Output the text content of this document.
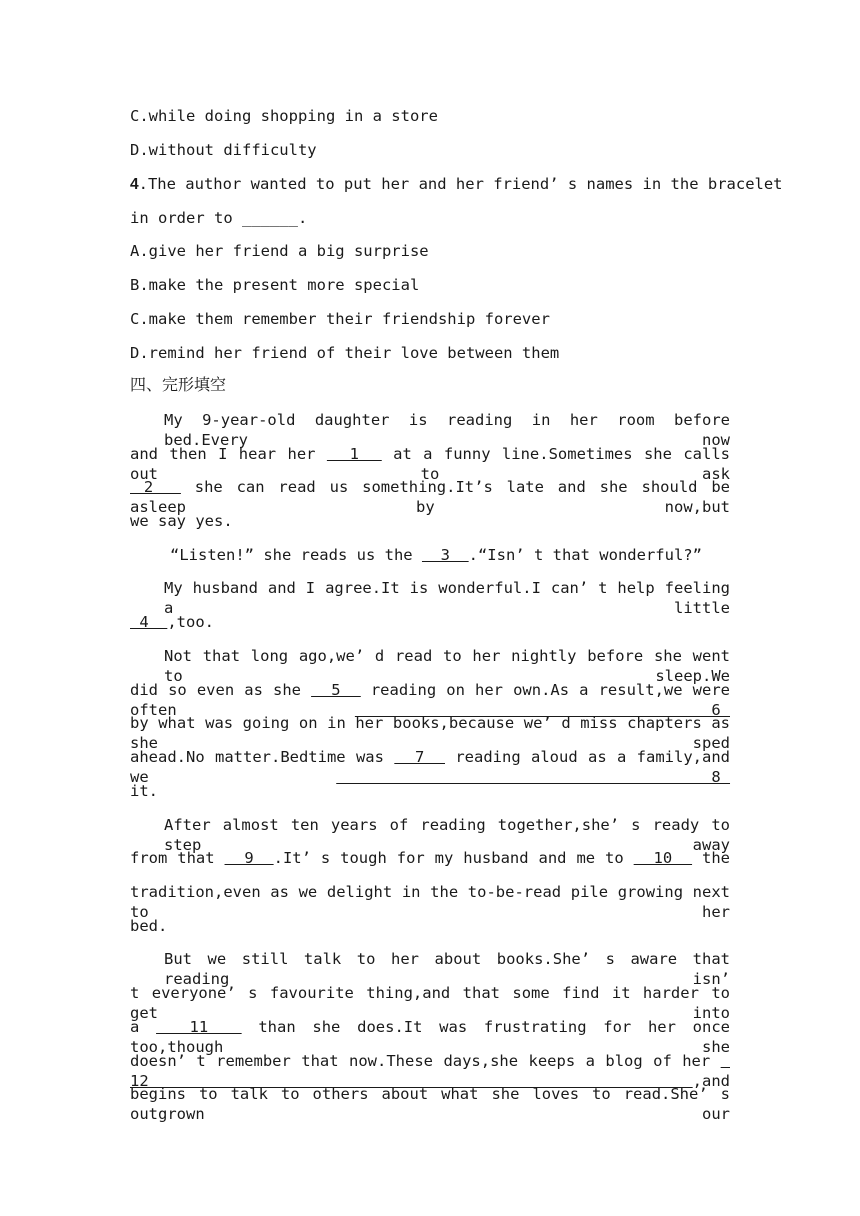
C.while doing shopping in a store
D.without difficulty
4.The author wanted to put her and her friend’ s names in the bracelet
in order to ______.
A.give her friend a big surprise
B.make the present more special
C.make them remember their friendship forever
D.remind her friend of their love between them
四、完形填空
My 9-year-old daughter is reading in her room before bed.Every now
and then I hear her   1   at a funny line.Sometimes she calls out to ask
2   she can read us something.It’s late and she should be asleep by now,but
we say yes.
“Listen!” she reads us the   3  .“Isn’ t that wonderful?”
My husband and I agree.It is wonderful.I can’ t help feeling a little
4  ,too.
Not that long ago,we’ d read to her nightly before she went to sleep.We
did so even as she   5   reading on her own.As a result,we were often   6
by what was going on in her books,because we’ d miss chapters as she sped
ahead.No matter.Bedtime was   7   reading aloud as a family,and we   8
it.
After almost ten years of reading together,she’ s ready to step away
from that   9  .It’ s tough for my husband and me to   10   the
tradition,even as we delight in the to-be-read pile growing next to her
bed.
But we still talk to her about books.She’ s aware that reading isn’
t everyone’ s favourite thing,and that some find it harder to get into
a   11   than she does.It was frustrating for her once too,though she
doesn’ t remember that now.These days,she keeps a blog of her   12  ,and
begins to talk to others about what she loves to read.She’ s outgrown our
